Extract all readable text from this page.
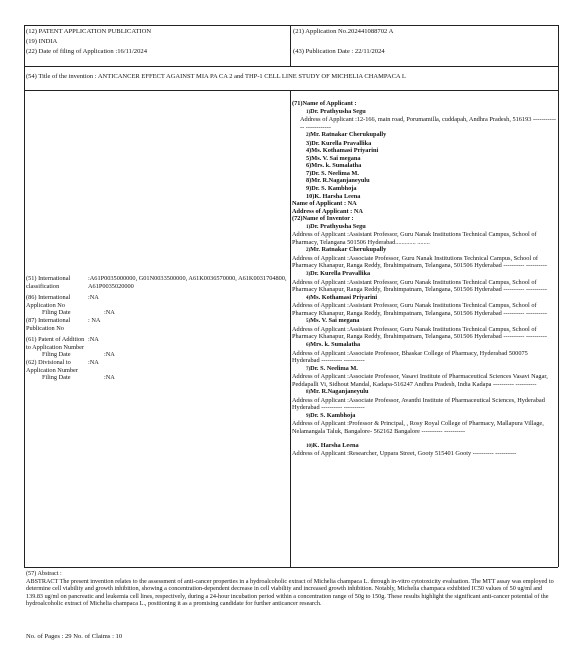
(12) PATENT APPLICATION PUBLICATION
(19) INDIA
(22) Date of filing of Application :16/11/2024
(21) Application No.202441088702 A
(43) Publication Date : 22/11/2024
(54) Title of the invention : ANTICANCER EFFECT AGAINST MIA PA CA 2 and THP-1 CELL LINE STUDY OF MICHELIA CHAMPACA L
(51) International classification
:A61P0035000000, G01N0033500000, A61K0036570000, A61K0031704800, A61P0035020000
(86) International Application No
:NA
Filing Date	:NA
(87) International Publication No
: NA
(61) Patent of Addition to Application Number
:NA
Filing Date	:NA
(62) Divisional to Application Number
:NA
Filing Date	:NA
(71)Name of Applicant :
1)Dr. Prathyusha Segu
Address of Applicant :12-166, main road, Porumamilla, cuddapah, Andhra Pradesh, 516193 ------------- ------------
2)Mr. Ratnakar Cherukupally
3)Dr. Kurella Pravallika
4)Ms. Kothamasi Priyarini
5)Ms. V. Sai megana
6)Mrs. k. Sumalatha
7)Dr. S. Neelima M.
8)Mr. R.Naganjaneyulu
9)Dr. S. Kambhoja
10)K. Harsha Leena
Name of Applicant : NA
Address of Applicant : NA
(72)Name of Inventor :
1)Dr. Prathyusha Segu
Address of Applicant :Assistant Professor, Guru Nanak Institutions Technical Campus, School of Pharmacy, Telangana 501506 Hyderabad............. ........
2)Mr. Ratnakar Cherukupally
Address of Applicant :Associate Professor, Guru Nanak Institutions Technical Campus, School of Pharmacy Khanapur, Ranga Reddy, Ibrahimpatnam, Telangana, 501506 Hyderabad ---------- ----------
3)Dr. Kurella Pravallika
Address of Applicant :Assistant Professor, Guru Nanak Institutions Technical Campus, School of Pharmacy Khanapur, Ranga Reddy, Ibrahimpatnam, Telangana, 501506 Hyderabad ---------- ----------
4)Ms. Kothamasi Priyarini
Address of Applicant :Assistant Professor, Guru Nanak Institutions Technical Campus, School of Pharmacy Khanapur, Ranga Reddy, Ibrahimpatnam, Telangana, 501506 Hyderabad ---------- ----------
5)Ms. V. Sai megana
Address of Applicant :Assistant Professor, Guru Nanak Institutions Technical Campus, School of Pharmacy Khanapur, Ranga Reddy, Ibrahimpatnam, Telangana, 501506 Hyderabad ---------- ----------
6)Mrs. k. Sumalatha
Address of Applicant :Associate Professor, Bhaskar College of Pharmacy, Hyderabad 500075 Hyderabad ---------- ----------
7)Dr. S. Neelima M.
Address of Applicant :Associate Professor, Vasavi Institute of Pharmaceutical Sciences Vasavi Nagar, Peddapalli Vi, Sidhout Mandal, Kadapa-516247 Andhra Pradesh, India Kadapa ---------- ----------
8)Mr. R.Naganjaneyulu
Address of Applicant :Associate Professor, Avanthi Institute of Pharmaceutical Sciences, Hyderabad Hyderabad ---------- ----------
9)Dr. S. Kambhoja
Address of Applicant :Professor & Principal, , Rosy Royal College of Pharmacy, Mallapura Village, Nelamangala Taluk, Bangalore- 562162 Bangalore ---------- ----------
10)K. Harsha Leena
Address of Applicant :Researcher, Uppara Street, Gooty 515401 Gooty ---------- ----------
(57) Abstract :
ABSTRACT The present invention relates to the assessment of anti-cancer properties in a hydroalcoholic extract of Michelia champaca L. through in-vitro cytotoxicity evaluation. The MTT assay was employed to determine cell viability and growth inhibition, showing a concentration-dependent decrease in cell viability and increased growth inhibition. Notably, Michelia champaca exhibited IC50 values of 50 ug/ml and 139.83 ug/ml on pancreatic and leukemia cell lines, respectively, during a 24-hour incubation period within a concentration range of 50g to 150g. These results highlight the significant anti-cancer potential of the hydroalcoholic extract of Michelia champaca L., positioning it as a promising candidate for further anticancer research.
No. of Pages : 29 No. of Claims : 10
